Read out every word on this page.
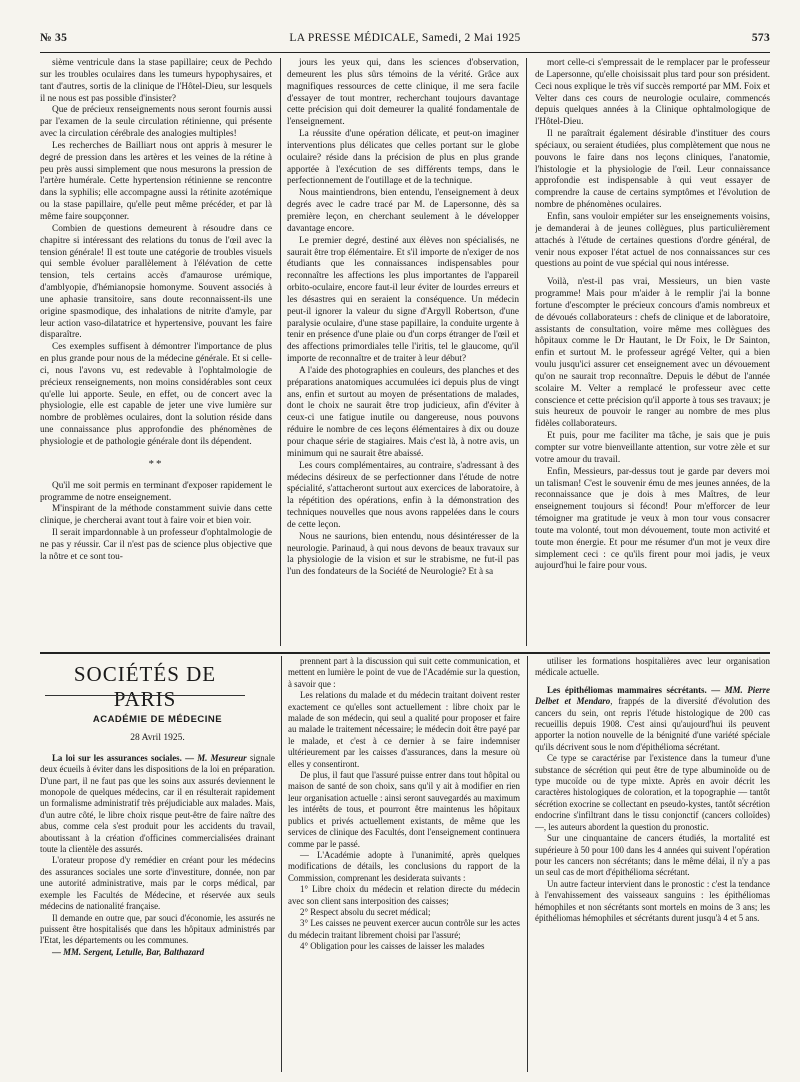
№ 35	LA PRESSE MÉDICALE, Samedi, 2 Mai 1925	573

sième ventricule dans la stase papillaire; ceux de Pechdo sur les troubles oculaires dans les tumeurs hypophysaires, et tant d'autres, sortis de la clinique de l'Hôtel-Dieu, sur lesquels il ne nous est pas possible d'insister?

Que de précieux renseignements nous seront fournis aussi par l'examen de la seule circulation rétinienne, qui présente avec la circulation cérébrale des analogies multiples!

Les recherches de Bailliart nous ont appris à mesurer le degré de pression dans les artères et les veines de la rétine à peu près aussi simplement que nous mesurons la pression de l'artère humérale. Cette hypertension rétinienne se rencontre dans la syphilis; elle accompagne aussi la rétinite azotémique ou la stase papillaire, qu'elle peut même précéder, et par là même faire soupçonner.

Combien de questions demeurent à résoudre dans ce chapitre si intéressant des relations du tonus de l'œil avec la tension générale! Il est toute une catégorie de troubles visuels qui semble évoluer parallèlement à l'élévation de cette tension, tels certains accès d'amaurose urémique, d'amblyopie, d'hémianopsie homonyme. Souvent associés à une aphasie transitoire, sans doute reconnaissent-ils une origine spasmodique, des inhalations de nitrite d'amyle, par leur action vaso-dilatatrice et hypertensive, pouvant les faire disparaître.

Ces exemples suffisent à démontrer l'importance de plus en plus grande pour nous de la médecine générale. Et si celle-ci, nous l'avons vu, est redevable à l'ophtalmologie de précieux renseignements, non moins considérables sont ceux qu'elle lui apporte. Seule, en effet, ou de concert avec la physiologie, elle est capable de jeter une vive lumière sur nombre de problèmes oculaires, dont la solution réside dans une connaissance plus approfondie des phénomènes de physiologie et de pathologie générale dont ils dépendent.

**

Qu'il me soit permis en terminant d'exposer rapidement le programme de notre enseignement.

M'inspirant de la méthode constamment suivie dans cette clinique, je chercherai avant tout à faire voir et bien voir.

Il serait impardonnable à un professeur d'ophtalmologie de ne pas y réussir. Car il n'est pas de science plus objective que la nôtre et ce sont tou-

jours les yeux qui, dans les sciences d'observation, demeurent les plus sûrs témoins de la vérité. Grâce aux magnifiques ressources de cette clinique, il me sera facile d'essayer de tout montrer, recherchant toujours davantage cette précision qui doit demeurer la qualité fondamentale de l'enseignement.

La réussite d'une opération délicate, et peut-on imaginer interventions plus délicates que celles portant sur le globe oculaire? réside dans la précision de plus en plus grande apportée à l'exécution de ses différents temps, dans le perfectionnement de l'outillage et de la technique.

Nous maintiendrons, bien entendu, l'enseignement à deux degrés avec le cadre tracé par M. de Lapersonne, dès sa première leçon, en cherchant seulement à le développer davantage encore.

Le premier degré, destiné aux élèves non spécialisés, ne saurait être trop élémentaire. Et s'il importe de n'exiger de nos étudiants que les connaissances indispensables pour reconnaître les affections les plus importantes de l'appareil orbito-oculaire, encore faut-il leur éviter de lourdes erreurs et les désastres qui en seraient la conséquence. Un médecin peut-il ignorer la valeur du signe d'Argyll Robertson, d'une paralysie oculaire, d'une stase papillaire, la conduite urgente à tenir en présence d'une plaie ou d'un corps étranger de l'œil et des affections primordiales telle l'iritis, tel le glaucome, qu'il importe de reconnaître et de traiter à leur début?

A l'aide des photographies en couleurs, des planches et des préparations anatomiques accumulées ici depuis plus de vingt ans, enfin et surtout au moyen de présentations de malades, dont le choix ne saurait être trop judicieux, afin d'éviter à ceux-ci une fatigue inutile ou dangereuse, nous pouvons réduire le nombre de ces leçons élémentaires à dix ou douze pour chaque série de stagiaires. Mais c'est là, à notre avis, un minimum qui ne saurait être abaissé.

Les cours complémentaires, au contraire, s'adressant à des médecins désireux de se perfectionner dans l'étude de notre spécialité, s'attacheront surtout aux exercices de laboratoire, à la répétition des opérations, enfin à la démonstration des techniques nouvelles que nous avons rappelées dans le cours de cette leçon.

Nous ne saurions, bien entendu, nous désintéresser de la neurologie. Parinaud, à qui nous devons de beaux travaux sur la physiologie de la vision et sur le strabisme, ne fut-il pas l'un des fondateurs de la Société de Neurologie? Et à sa

mort celle-ci s'empressait de le remplacer par le professeur de Lapersonne, qu'elle choisissait plus tard pour son président. Ceci nous explique le très vif succès remporté par MM. Foix et Velter dans ces cours de neurologie oculaire, commencés depuis quelques années à la Clinique ophtalmologique de l'Hôtel-Dieu.

Il ne paraîtrait également désirable d'instituer des cours spéciaux, ou seraient étudiées, plus complètement que nous ne pouvons le faire dans nos leçons cliniques, l'anatomie, l'histologie et la physiologie de l'œil. Leur connaissance approfondie est indispensable à qui veut essayer de comprendre la cause de certains symptômes et l'évolution de nombre de phénomènes oculaires.

Enfin, sans vouloir empiéter sur les enseignements voisins, je demanderai à de jeunes collègues, plus particulièrement attachés à l'étude de certaines questions d'ordre général, de venir nous exposer l'état actuel de nos connaissances sur ces questions au point de vue spécial qui nous intéresse.

Voilà, n'est-il pas vrai, Messieurs, un bien vaste programme! Mais pour m'aider à le remplir j'ai la bonne fortune d'escompter le précieux concours d'amis nombreux et de dévoués collaborateurs : chefs de clinique et de laboratoire, assistants de consultation, voire même mes collègues des hôpitaux comme le Dr Hautant, le Dr Foix, le Dr Sainton, enfin et surtout M. le professeur agrégé Velter, qui a bien voulu jusqu'ici assurer cet enseignement avec un dévouement qu'on ne saurait trop reconnaître. Depuis le début de l'année scolaire M. Velter a remplacé le professeur avec cette conscience et cette précision qu'il apporte à tous ses travaux; je suis heureux de pouvoir le ranger au nombre de mes plus fidèles collaborateurs.

Et puis, pour me faciliter ma tâche, je sais que je puis compter sur votre bienveillante attention, sur votre zèle et sur votre amour du travail.

Enfin, Messieurs, par-dessus tout je garde par devers moi un talisman! C'est le souvenir ému de mes jeunes années, de la reconnaissance que je dois à mes Maîtres, de leur enseignement toujours si fécond! Pour m'efforcer de leur témoigner ma gratitude je veux à mon tour vous consacrer toute ma volonté, tout mon dévouement, toute mon activité et toute mon énergie. Et pour me résumer d'un mot je veux dire simplement ceci : ce qu'ils firent pour moi jadis, je veux aujourd'hui le faire pour vous.

SOCIÉTÉS DE PARIS
ACADÉMIE DE MÉDECINE
28 Avril 1925.

La loi sur les assurances sociales. — M. Mesureur signale deux écueils à éviter dans les dispositions de la loi en préparation. D'une part, il ne faut pas que les soins aux assurés deviennent le monopole de quelques médecins, car il en résulterait rapidement un formalisme administratif très préjudiciable aux malades. Mais, d'un autre côté, le libre choix risque peut-être de faire naître des abus, comme cela s'est produit pour les accidents du travail, aboutissant à la création d'officines commercialisées drainant toute la clientèle des assurés.

L'orateur propose d'y remédier en créant pour les médecins des assurances sociales une sorte d'investiture, donnée, non par une autorité administrative, mais par le corps médical, par exemple les Facultés de Médecine, et réservée aux seuls médecins de nationalité française.

Il demande en outre que, par souci d'économie, les assurés ne puissent être hospitalisés que dans les hôpitaux administrés par l'Etat, les départements ou les communes.

— MM. Sergent, Letulle, Bar, Balthazard

prennent part à la discussion qui suit cette communication, et mettent en lumière le point de vue de l'Académie sur la question, à savoir que :

Les relations du malade et du médecin traitant doivent rester exactement ce qu'elles sont actuellement : libre choix par le malade de son médecin, qui seul a qualité pour proposer et faire au malade le traitement nécessaire; le médecin doit être payé par le malade, et c'est à ce dernier à se faire indemniser ultérieurement par les caisses d'assurances, dans la mesure où elles y consentiront.

De plus, il faut que l'assuré puisse entrer dans tout hôpital ou maison de santé de son choix, sans qu'il y ait à modifier en rien leur organisation actuelle : ainsi seront sauvegardés au maximum les intérêts de tous, et pourront être maintenus les hôpitaux publics et privés actuellement existants, de même que les services de clinique des Facultés, dont l'enseignement continuera comme par le passé.

— L'Académie adopte à l'unanimité, après quelques modifications de détails, les conclusions du rapport de la Commission, comprenant les desiderata suivants :

1° Libre choix du médecin et relation directe du médecin avec son client sans interposition des caisses;

2° Respect absolu du secret médical;

3° Les caisses ne peuvent exercer aucun contrôle sur les actes du médecin traitant librement choisi par l'assuré;

4° Obligation pour les caisses de laisser les malades

utiliser les formations hospitalières avec leur organisation médicale actuelle.

Les épithéliomas mammaires sécrétants. — MM. Pierre Delbet et Mendaro, frappés de la diversité d'évolution des cancers du sein, ont repris l'étude histologique de 200 cas recueillis depuis 1908. C'est ainsi qu'aujourd'hui ils peuvent apporter la notion nouvelle de la bénignité d'une variété spéciale qu'ils décrivent sous le nom d'épithélioma sécrétant.

Ce type se caractérise par l'existence dans la tumeur d'une substance de sécrétion qui peut être de type albuminoïde ou de type mucoïde ou de type mixte. Après en avoir décrit les caractères histologiques de coloration, et la topographie — tantôt sécrétion exocrine se collectant en pseudo-kystes, tantôt sécrétion endocrine s'infiltrant dans le tissu conjonctif (cancers colloïdes) —, les auteurs abordent la question du pronostic.

Sur une cinquantaine de cancers étudiés, la mortalité est supérieure à 50 pour 100 dans les 4 années qui suivent l'opération pour les cancers non sécrétants; dans le même délai, il n'y a pas un seul cas de mort d'épithélioma sécrétant.

Un autre facteur intervient dans le pronostic : c'est la tendance à l'envahissement des vaisseaux sanguins : les épithéliomas hémophiles et non sécrétants sont mortels en moins de 3 ans; les épithéliomas hémophiles et sécrétants durent jusqu'à 4 et 5 ans.
